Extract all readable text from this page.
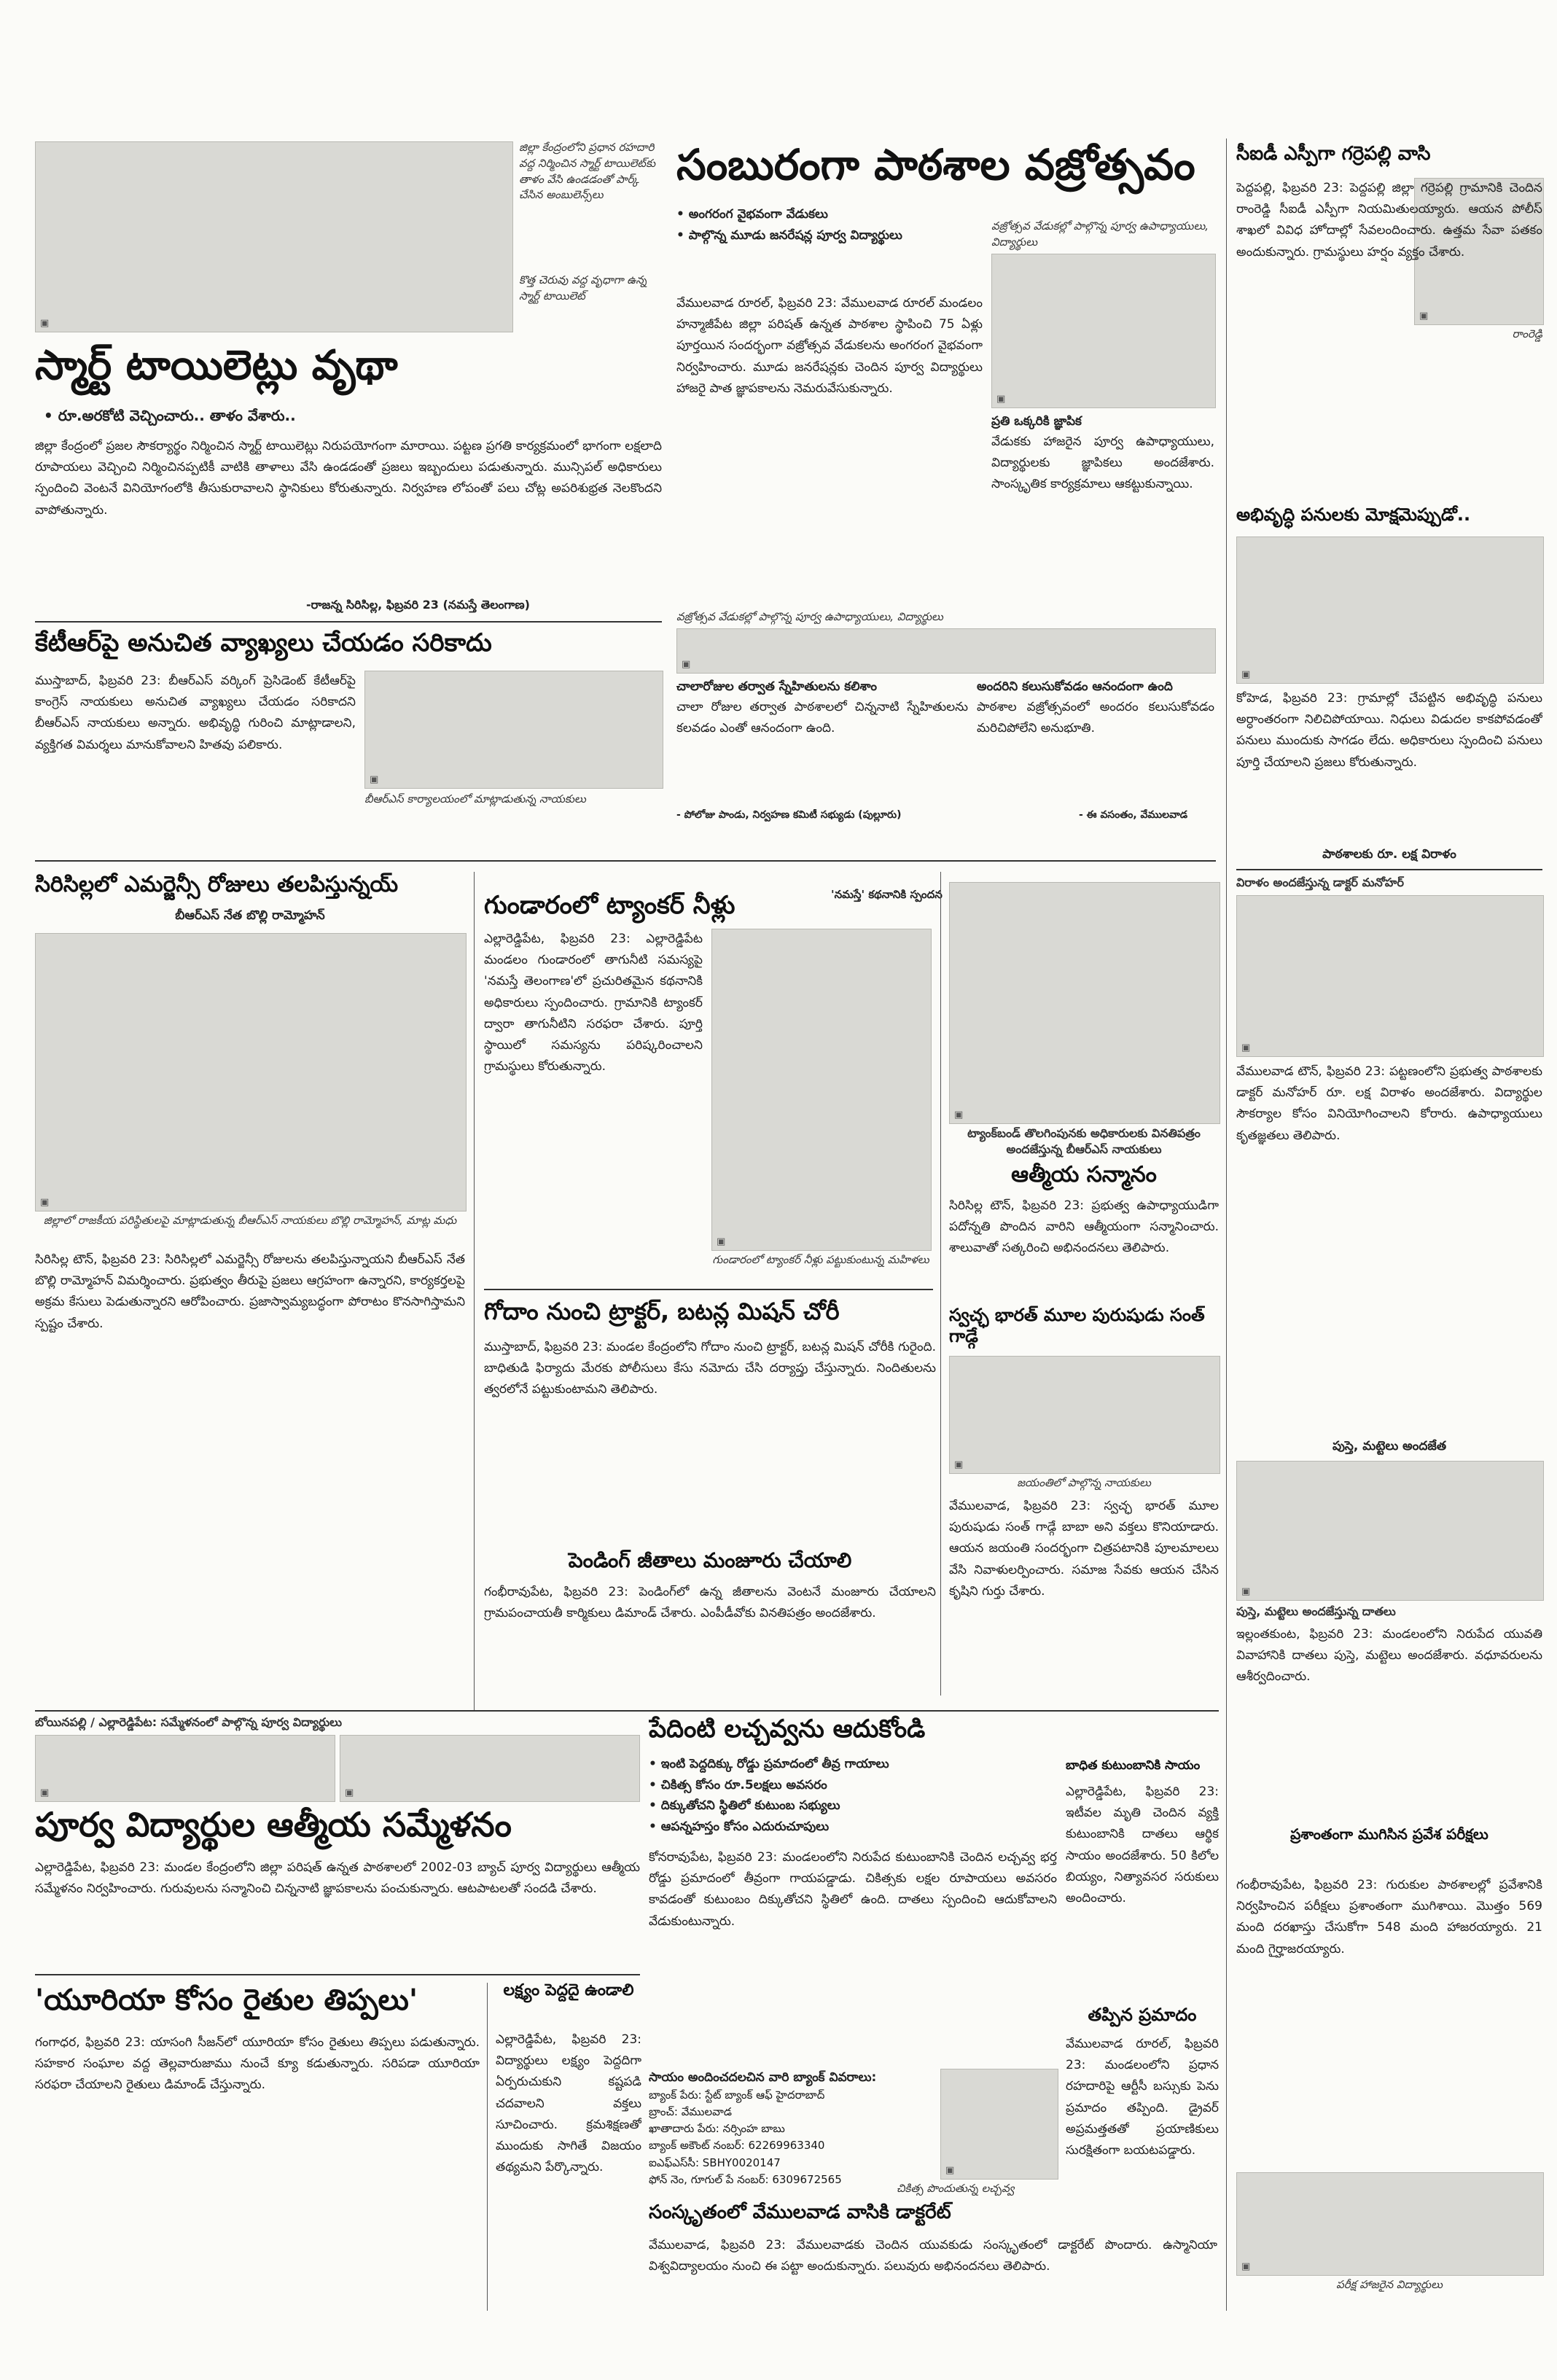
జిల్లా కేంద్రంలోని ప్రధాన రహదారి వద్ద నిర్మించిన స్మార్ట్ టాయిలెట్‌కు తాళం వేసి ఉండడంతో పార్క్ చేసిన అంబులెన్స్‌లు
▣
కొత్త చెరువు వద్ద వృధాగా ఉన్న స్మార్ట్ టాయిలెట్
స్మార్ట్ టాయిలెట్లు వృథా
• రూ.అరకోటి వెచ్చించారు.. తాళం వేశారు..
జిల్లా కేంద్రంలో ప్రజల సౌకర్యార్థం నిర్మించిన స్మార్ట్ టాయిలెట్లు నిరుపయోగంగా మారాయి. పట్టణ ప్రగతి కార్యక్రమంలో భాగంగా లక్షలాది రూపాయలు వెచ్చించి నిర్మించినప్పటికీ వాటికి తాళాలు వేసి ఉండడంతో ప్రజలు ఇబ్బందులు పడుతున్నారు. మున్సిపల్ అధికారులు స్పందించి వెంటనే వినియోగంలోకి తీసుకురావాలని స్థానికులు కోరుతున్నారు. నిర్వహణ లోపంతో పలు చోట్ల అపరిశుభ్రత నెలకొందని వాపోతున్నారు.
-రాజన్న సిరిసిల్ల, ఫిబ్రవరి 23 (నమస్తే తెలంగాణ)
సంబురంగా పాఠశాల వజ్రోత్సవం
• అంగరంగ వైభవంగా వేడుకలు
• పాల్గొన్న మూడు జనరేషన్ల పూర్వ విద్యార్థులు
వేములవాడ రూరల్, ఫిబ్రవరి 23: వేములవాడ రూరల్ మండలం హన్మాజీపేట జిల్లా పరిషత్ ఉన్నత పాఠశాల స్థాపించి 75 ఏళ్లు పూర్తయిన సందర్భంగా వజ్రోత్సవ వేడుకలను అంగరంగ వైభవంగా నిర్వహించారు. మూడు జనరేషన్లకు చెందిన పూర్వ విద్యార్థులు హాజరై పాత జ్ఞాపకాలను నెమరువేసుకున్నారు.
వజ్రోత్సవ వేడుకల్లో పాల్గొన్న పూర్వ ఉపాధ్యాయులు, విద్యార్థులు
▣
ప్రతి ఒక్కరికి జ్ఞాపిక
వేడుకకు హాజరైన పూర్వ ఉపాధ్యాయులు, విద్యార్థులకు జ్ఞాపికలు అందజేశారు. సాంస్కృతిక కార్యక్రమాలు ఆకట్టుకున్నాయి.
వజ్రోత్సవ వేడుకల్లో పాల్గొన్న పూర్వ ఉపాధ్యాయులు, విద్యార్థులు
▣
చాలారోజుల తర్వాత స్నేహితులను కలిశాం
చాలా రోజుల తర్వాత పాఠశాలలో చిన్ననాటి స్నేహితులను కలవడం ఎంతో ఆనందంగా ఉంది.
- పోలోజు పాండు, నిర్వహణ కమిటీ సభ్యుడు (పుల్లూరు)
అందరిని కలుసుకోవడం ఆనందంగా ఉంది
పాఠశాల వజ్రోత్సవంలో అందరం కలుసుకోవడం మరిచిపోలేని అనుభూతి.
- ఈ వసంతం, వేములవాడ
కేటీఆర్‌పై అనుచిత వ్యాఖ్యలు చేయడం సరికాదు
ముస్తాబాద్, ఫిబ్రవరి 23: బీఆర్‌ఎస్ వర్కింగ్ ప్రెసిడెంట్ కేటీఆర్‌పై కాంగ్రెస్ నాయకులు అనుచిత వ్యాఖ్యలు చేయడం సరికాదని బీఆర్‌ఎస్ నాయకులు అన్నారు. అభివృద్ధి గురించి మాట్లాడాలని, వ్యక్తిగత విమర్శలు మానుకోవాలని హితవు పలికారు.
బీఆర్‌ఎస్ కార్యాలయంలో మాట్లాడుతున్న నాయకులు
▣
సీఐడీ ఎస్పీగా గర్రెపల్లి వాసి
▣
రాంరెడ్డి
పెద్దపల్లి, ఫిబ్రవరి 23: పెద్దపల్లి జిల్లా గర్రెపల్లి గ్రామానికి చెందిన రాంరెడ్డి సీఐడీ ఎస్పీగా నియమితులయ్యారు. ఆయన పోలీస్ శాఖలో వివిధ హోదాల్లో సేవలందించారు. ఉత్తమ సేవా పతకం అందుకున్నారు. గ్రామస్థులు హర్షం వ్యక్తం చేశారు.
అభివృద్ధి పనులకు మోక్షమెప్పుడో..
▣
కోహెడ, ఫిబ్రవరి 23: గ్రామాల్లో చేపట్టిన అభివృద్ధి పనులు అర్ధాంతరంగా నిలిచిపోయాయి. నిధులు విడుదల కాకపోవడంతో పనులు ముందుకు సాగడం లేదు. అధికారులు స్పందించి పనులు పూర్తి చేయాలని ప్రజలు కోరుతున్నారు.
పాఠశాలకు రూ. లక్ష విరాళం
సిరిసిల్లలో ఎమర్జెన్సీ రోజులు తలపిస్తున్నయ్
బీఆర్‌ఎస్ నేత బొల్లి రామ్మోహన్
▣
జిల్లాలో రాజకీయ పరిస్థితులపై మాట్లాడుతున్న బీఆర్‌ఎస్ నాయకులు బొల్లి రామ్మోహన్, మాట్ల మధు
సిరిసిల్ల టౌన్, ఫిబ్రవరి 23: సిరిసిల్లలో ఎమర్జెన్సీ రోజులను తలపిస్తున్నాయని బీఆర్‌ఎస్ నేత బొల్లి రామ్మోహన్ విమర్శించారు. ప్రభుత్వం తీరుపై ప్రజలు ఆగ్రహంగా ఉన్నారని, కార్యకర్తలపై అక్రమ కేసులు పెడుతున్నారని ఆరోపించారు. ప్రజాస్వామ్యబద్ధంగా పోరాటం కొనసాగిస్తామని స్పష్టం చేశారు.
గుండారంలో ట్యాంకర్ నీళ్లు	'నమస్తే' కథనానికి స్పందన
ఎల్లారెడ్డిపేట, ఫిబ్రవరి 23: ఎల్లారెడ్డిపేట మండలం గుండారంలో తాగునీటి సమస్యపై 'నమస్తే తెలంగాణ'లో ప్రచురితమైన కథనానికి అధికారులు స్పందించారు. గ్రామానికి ట్యాంకర్ ద్వారా తాగునీటిని సరఫరా చేశారు. పూర్తి స్థాయిలో సమస్యను పరిష్కరించాలని గ్రామస్థులు కోరుతున్నారు.
▣
గుండారంలో ట్యాంకర్ నీళ్లు పట్టుకుంటున్న మహిళలు
ట్యాంక్‌బండ్ తొలగింపునకు అధికారులకు వినతిపత్రం అందజేస్తున్న బీఆర్‌ఎస్ నాయకులు
▣
ఆత్మీయ సన్మానం
సిరిసిల్ల టౌన్, ఫిబ్రవరి 23: ప్రభుత్వ ఉపాధ్యాయుడిగా పదోన్నతి పొందిన వారిని ఆత్మీయంగా సన్మానించారు. శాలువాతో సత్కరించి అభినందనలు తెలిపారు.
గోదాం నుంచి ట్రాక్టర్, బటన్ల మిషన్ చోరీ
ముస్తాబాద్, ఫిబ్రవరి 23: మండల కేంద్రంలోని గోదాం నుంచి ట్రాక్టర్, బటన్ల మిషన్ చోరీకి గురైంది. బాధితుడి ఫిర్యాదు మేరకు పోలీసులు కేసు నమోదు చేసి దర్యాప్తు చేస్తున్నారు. నిందితులను త్వరలోనే పట్టుకుంటామని తెలిపారు.
స్వచ్ఛ భారత్ మూల పురుషుడు సంత్ గాడ్గే
▣
జయంతిలో పాల్గొన్న నాయకులు
వేములవాడ, ఫిబ్రవరి 23: స్వచ్ఛ భారత్ మూల పురుషుడు సంత్ గాడ్గే బాబా అని వక్తలు కొనియాడారు. ఆయన జయంతి సందర్భంగా చిత్రపటానికి పూలమాలలు వేసి నివాళులర్పించారు. సమాజ సేవకు ఆయన చేసిన కృషిని గుర్తు చేశారు.
పెండింగ్ జీతాలు మంజూరు చేయాలి
గంభీరావుపేట, ఫిబ్రవరి 23: పెండింగ్‌లో ఉన్న జీతాలను వెంటనే మంజూరు చేయాలని గ్రామపంచాయతీ కార్మికులు డిమాండ్ చేశారు. ఎంపీడీవోకు వినతిపత్రం అందజేశారు.
విరాళం అందజేస్తున్న డాక్టర్ మనోహర్
▣
వేములవాడ టౌన్, ఫిబ్రవరి 23: పట్టణంలోని ప్రభుత్వ పాఠశాలకు డాక్టర్ మనోహర్ రూ. లక్ష విరాళం అందజేశారు. విద్యార్థుల సౌకర్యాల కోసం వినియోగించాలని కోరారు. ఉపాధ్యాయులు కృతజ్ఞతలు తెలిపారు.
పుస్తె, మట్టెలు అందజేత
▣
పుస్తె, మట్టెలు అందజేస్తున్న దాతలు
ఇల్లంతకుంట, ఫిబ్రవరి 23: మండలంలోని నిరుపేద యువతి వివాహానికి దాతలు పుస్తె, మట్టెలు అందజేశారు. వధూవరులను ఆశీర్వదించారు.
ప్రశాంతంగా ముగిసిన ప్రవేశ పరీక్షలు
గంభీరావుపేట, ఫిబ్రవరి 23: గురుకుల పాఠశాలల్లో ప్రవేశానికి నిర్వహించిన పరీక్షలు ప్రశాంతంగా ముగిశాయి. మొత్తం 569 మంది దరఖాస్తు చేసుకోగా 548 మంది హాజరయ్యారు. 21 మంది గైర్హాజరయ్యారు.
▣
పరీక్ష హాజరైన విద్యార్థులు
పేదింటి లచ్చవ్వను ఆదుకోండి
• ఇంటి పెద్దదిక్కు రోడ్డు ప్రమాదంలో తీవ్ర గాయాలు
• చికిత్స కోసం రూ.5లక్షలు అవసరం
• దిక్కుతోచని స్థితిలో కుటుంబ సభ్యులు
• ఆపన్నహస్తం కోసం ఎదురుచూపులు
కోనరావుపేట, ఫిబ్రవరి 23: మండలంలోని నిరుపేద కుటుంబానికి చెందిన లచ్చవ్వ భర్త రోడ్డు ప్రమాదంలో తీవ్రంగా గాయపడ్డాడు. చికిత్సకు లక్షల రూపాయలు అవసరం కావడంతో కుటుంబం దిక్కుతోచని స్థితిలో ఉంది. దాతలు స్పందించి ఆదుకోవాలని వేడుకుంటున్నారు.
సాయం అందించదలచిన వారి బ్యాంక్ వివరాలు:
బ్యాంక్ పేరు: స్టేట్ బ్యాంక్ ఆఫ్ హైదరాబాద్
బ్రాంచ్: వేములవాడ
ఖాతాదారు పేరు: నర్సింహ బాబు
బ్యాంక్ అకౌంట్ నంబర్: 62269963340
ఐఎఫ్ఎస్‌సీ: SBHY0020147
ఫోన్ నెం, గూగుల్ పే నంబర్: 6309672565
▣
చికిత్స పొందుతున్న లచ్చవ్వ
బాధిత కుటుంబానికి సాయం
ఎల్లారెడ్డిపేట, ఫిబ్రవరి 23: ఇటీవల మృతి చెందిన వ్యక్తి కుటుంబానికి దాతలు ఆర్థిక సాయం అందజేశారు. 50 కిలోల బియ్యం, నిత్యావసర సరుకులు అందించారు.
తప్పిన ప్రమాదం
వేములవాడ రూరల్, ఫిబ్రవరి 23: మండలంలోని ప్రధాన రహదారిపై ఆర్టీసీ బస్సుకు పెను ప్రమాదం తప్పింది. డ్రైవర్ అప్రమత్తతతో ప్రయాణికులు సురక్షితంగా బయటపడ్డారు.
బోయినపల్లి / ఎల్లారెడ్డిపేట: సమ్మేళనంలో పాల్గొన్న పూర్వ విద్యార్థులు
▣	▣
పూర్వ విద్యార్థుల ఆత్మీయ సమ్మేళనం
ఎల్లారెడ్డిపేట, ఫిబ్రవరి 23: మండల కేంద్రంలోని జిల్లా పరిషత్ ఉన్నత పాఠశాలలో 2002-03 బ్యాచ్ పూర్వ విద్యార్థులు ఆత్మీయ సమ్మేళనం నిర్వహించారు. గురువులను సన్మానించి చిన్ననాటి జ్ఞాపకాలను పంచుకున్నారు. ఆటపాటలతో సందడి చేశారు.
'యూరియా కోసం రైతుల తిప్పలు'
గంగాధర, ఫిబ్రవరి 23: యాసంగి సీజన్‌లో యూరియా కోసం రైతులు తిప్పలు పడుతున్నారు. సహకార సంఘాల వద్ద తెల్లవారుజాము నుంచే క్యూ కడుతున్నారు. సరిపడా యూరియా సరఫరా చేయాలని రైతులు డిమాండ్ చేస్తున్నారు.
లక్ష్యం పెద్దదై ఉండాలి
ఎల్లారెడ్డిపేట, ఫిబ్రవరి 23: విద్యార్థులు లక్ష్యం పెద్దదిగా ఏర్పరుచుకుని కష్టపడి చదవాలని వక్తలు సూచించారు. క్రమశిక్షణతో ముందుకు సాగితే విజయం తథ్యమని పేర్కొన్నారు.
సంస్కృతంలో వేములవాడ వాసికి డాక్టరేట్
వేములవాడ, ఫిబ్రవరి 23: వేములవాడకు చెందిన యువకుడు సంస్కృతంలో డాక్టరేట్ పొందారు. ఉస్మానియా విశ్వవిద్యాలయం నుంచి ఈ పట్టా అందుకున్నారు. పలువురు అభినందనలు తెలిపారు.
